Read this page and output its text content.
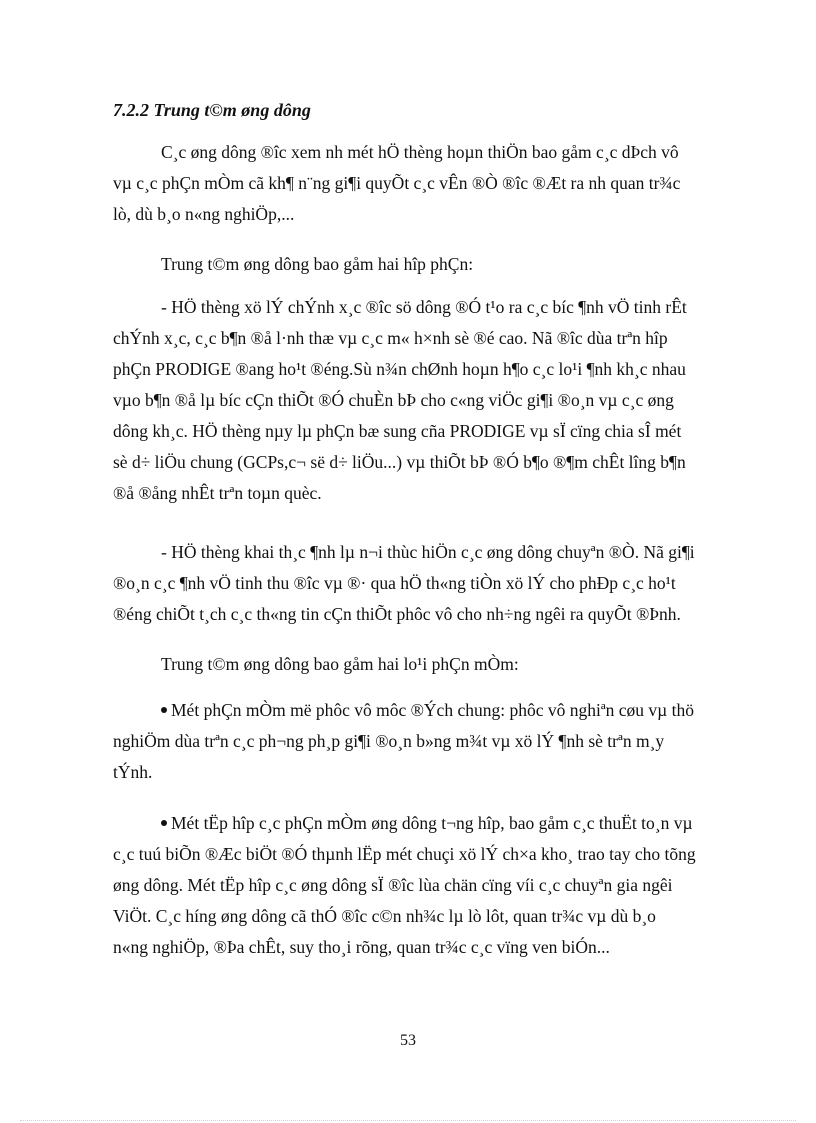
7.2.2 Trung t©m øng dông
C¸c øng dông ®îc xem nh mét hÖ thèng hoµn thiÖn bao gåm c¸c dÞch vô
vµ c¸c phÇn mÒm cã kh¶ n¨ng gi¶i quyÕt c¸c vÊn ®Ò ®îc ®Æt ra nh quan tr¾c
lò, dù b¸o n«ng nghiÖp,...
Trung t©m øng dông bao gåm hai hîp phÇn:
- HÖ thèng xö lÝ chÝnh x¸c ®îc sö dông ®Ó t¹o ra c¸c bíc ¶nh vÖ tinh rÊt
chÝnh x¸c, c¸c b¶n ®å l·nh thæ vµ c¸c m« h×nh sè ®é cao. Nã ®îc dùa trªn hîp
phÇn PRODIGE ®ang ho¹t ®éng.Sù n¾n chØnh hoµn h¶o c¸c lo¹i ¶nh kh¸c nhau
vµo b¶n ®å lµ bíc cÇn thiÕt ®Ó chuÈn bÞ cho c«ng viÖc gi¶i ®o¸n vµ c¸c øng
dông kh¸c. HÖ thèng nµy lµ phÇn bæ sung cña PRODIGE vµ sÏ cïng chia sÎ mét
sè d÷ liÖu chung (GCPs,c¬ së d÷ liÖu...) vµ thiÕt bÞ ®Ó b¶o ®¶m chÊt lîng b¶n
®å ®ång nhÊt trªn toµn quèc.
- HÖ thèng khai th¸c ¶nh lµ n¬i thùc hiÖn c¸c øng dông chuyªn ®Ò. Nã gi¶i
®o¸n c¸c ¶nh vÖ tinh thu ®îc vµ ®· qua hÖ th«ng tiÒn xö lÝ cho phÐp c¸c ho¹t
®éng chiÕt t¸ch c¸c th«ng tin cÇn thiÕt phôc vô cho nh÷ng ngêi ra quyÕt ®Þnh.
Trung t©m øng dông bao gåm hai lo¹i phÇn mÒm:
Mét phÇn mÒm më phôc vô môc ®Ých chung: phôc vô nghiªn cøu vµ thö
nghiÖm dùa trªn c¸c ph¬ng ph¸p gi¶i ®o¸n b»ng m¾t vµ xö lÝ ¶nh sè trªn m¸y
tÝnh.
Mét tËp hîp c¸c phÇn mÒm øng dông t¬ng hîp, bao gåm c¸c thuËt to¸n vµ
c¸c tuú biÕn ®Æc biÖt ®Ó thµnh lËp mét chuçi xö lÝ ch×a kho¸ trao tay cho tõng
øng dông. Mét tËp hîp c¸c øng dông sÏ ®îc lùa chän cïng víi c¸c chuyªn gia ngêi
ViÖt. C¸c híng øng dông cã thÓ ®îc c©n nh¾c lµ lò lôt, quan tr¾c vµ dù b¸o
n«ng nghiÖp, ®Þa chÊt, suy tho¸i rõng, quan tr¾c c¸c vïng ven biÓn...
53
